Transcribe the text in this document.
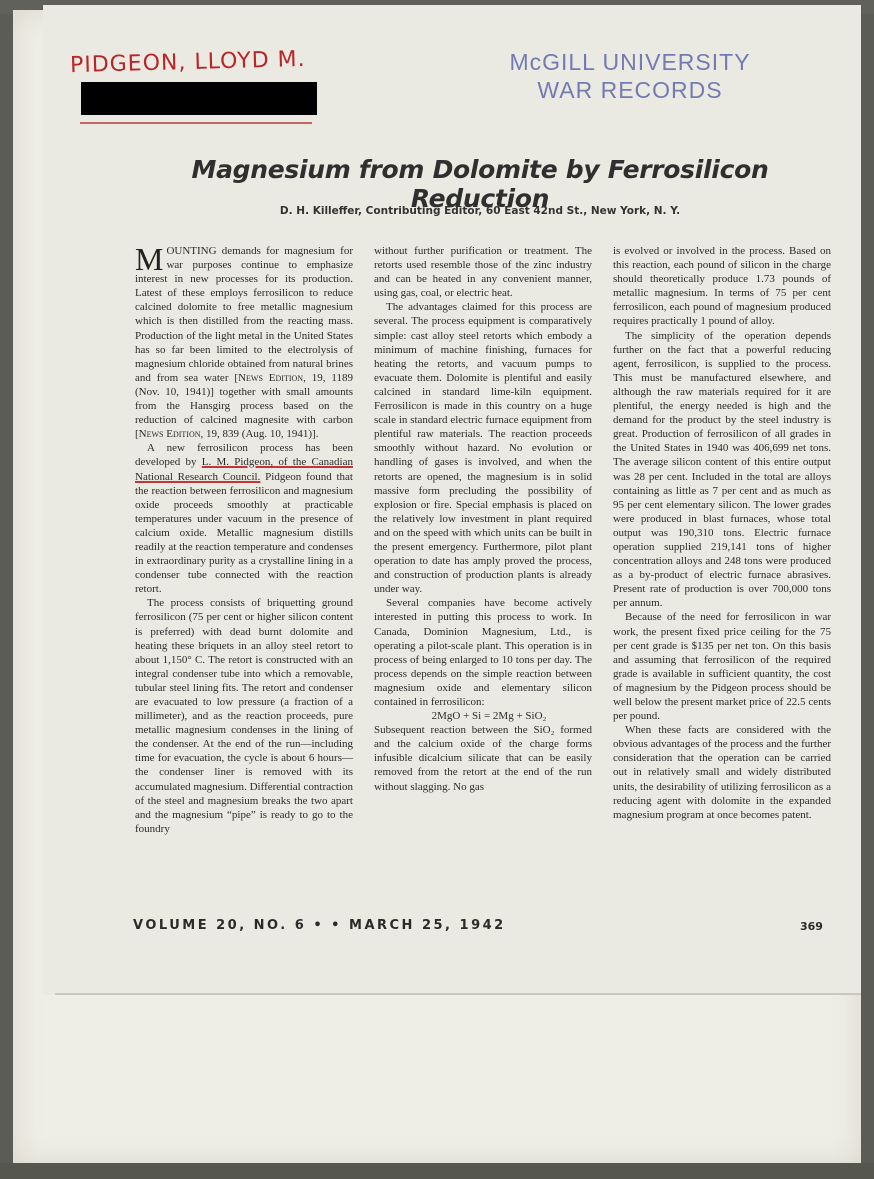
PIDGEON, LLOYD M.	McGILL UNIVERSITY
WAR RECORDS
Magnesium from Dolomite by Ferrosilicon Reduction
D. H. Killeffer, Contributing Editor, 60 East 42nd St., New York, N. Y.

MOUNTING demands for magnesium for war purposes continue to emphasize interest in new processes for its production. Latest of these employs ferrosilicon to reduce calcined dolomite to free metallic magnesium which is then distilled from the reacting mass. Production of the light metal in the United States has so far been limited to the electrolysis of magnesium chloride obtained from natural brines and from sea water [News Edition, 19, 1189 (Nov. 10, 1941)] together with small amounts from the Hansgirg process based on the reduction of calcined magnesite with carbon [News Edition, 19, 839 (Aug. 10, 1941)].

A new ferrosilicon process has been developed by L. M. Pidgeon, of the Canadian National Research Council. Pidgeon found that the reaction between ferrosilicon and magnesium oxide proceeds smoothly at practicable temperatures under vacuum in the presence of calcium oxide. Metallic magnesium distills readily at the reaction temperature and condenses in extraordinary purity as a crystalline lining in a condenser tube connected with the reaction retort.

The process consists of briquetting ground ferrosilicon (75 per cent or higher silicon content is preferred) with dead burnt dolomite and heating these briquets in an alloy steel retort to about 1,150° C. The retort is constructed with an integral condenser tube into which a removable, tubular steel lining fits. The retort and condenser are evacuated to low pressure (a fraction of a millimeter), and as the reaction proceeds, pure metallic magnesium condenses in the lining of the condenser. At the end of the run—including time for evacuation, the cycle is about 6 hours—the condenser liner is removed with its accumulated magnesium. Differential contraction of the steel and magnesium breaks the two apart and the magnesium “pipe” is ready to go to the foundry

without further purification or treatment. The retorts used resemble those of the zinc industry and can be heated in any convenient manner, using gas, coal, or electric heat.

The advantages claimed for this process are several. The process equipment is comparatively simple: cast alloy steel retorts which embody a minimum of machine finishing, furnaces for heating the retorts, and vacuum pumps to evacuate them. Dolomite is plentiful and easily calcined in standard lime-kiln equipment. Ferrosilicon is made in this country on a huge scale in standard electric furnace equipment from plentiful raw materials. The reaction proceeds smoothly without hazard. No evolution or handling of gases is involved, and when the retorts are opened, the magnesium is in solid massive form precluding the possibility of explosion or fire. Special emphasis is placed on the relatively low investment in plant required and on the speed with which units can be built in the present emergency. Furthermore, pilot plant operation to date has amply proved the process, and construction of production plants is already under way.

Several companies have become actively interested in putting this process to work. In Canada, Dominion Magnesium, Ltd., is operating a pilot-scale plant. This operation is in process of being enlarged to 10 tons per day. The process depends on the simple reaction between magnesium oxide and elementary silicon contained in ferrosilicon:

2MgO + Si = 2Mg + SiO₂

Subsequent reaction between the SiO₂ formed and the calcium oxide of the charge forms infusible dicalcium silicate that can be easily removed from the retort at the end of the run without slagging. No gas

is evolved or involved in the process. Based on this reaction, each pound of silicon in the charge should theoretically produce 1.73 pounds of metallic magnesium. In terms of 75 per cent ferrosilicon, each pound of magnesium produced requires practically 1 pound of alloy.

The simplicity of the operation depends further on the fact that a powerful reducing agent, ferrosilicon, is supplied to the process. This must be manufactured elsewhere, and although the raw materials required for it are plentiful, the energy needed is high and the demand for the product by the steel industry is great. Production of ferrosilicon of all grades in the United States in 1940 was 406,699 net tons. The average silicon content of this entire output was 28 per cent. Included in the total are alloys containing as little as 7 per cent and as much as 95 per cent elementary silicon. The lower grades were produced in blast furnaces, whose total output was 190,310 tons. Electric furnace operation supplied 219,141 tons of higher concentration alloys and 248 tons were produced as a by-product of electric furnace abrasives. Present rate of production is over 700,000 tons per annum.

Because of the need for ferrosilicon in war work, the present fixed price ceiling for the 75 per cent grade is $135 per net ton. On this basis and assuming that ferrosilicon of the required grade is available in sufficient quantity, the cost of magnesium by the Pidgeon process should be well below the present market price of 22.5 cents per pound.

When these facts are considered with the obvious advantages of the process and the further consideration that the operation can be carried out in relatively small and widely distributed units, the desirability of utilizing ferrosilicon as a reducing agent with dolomite in the expanded magnesium program at once becomes patent.

VOLUME 20, NO. 6 • • MARCH 25, 1942	369
